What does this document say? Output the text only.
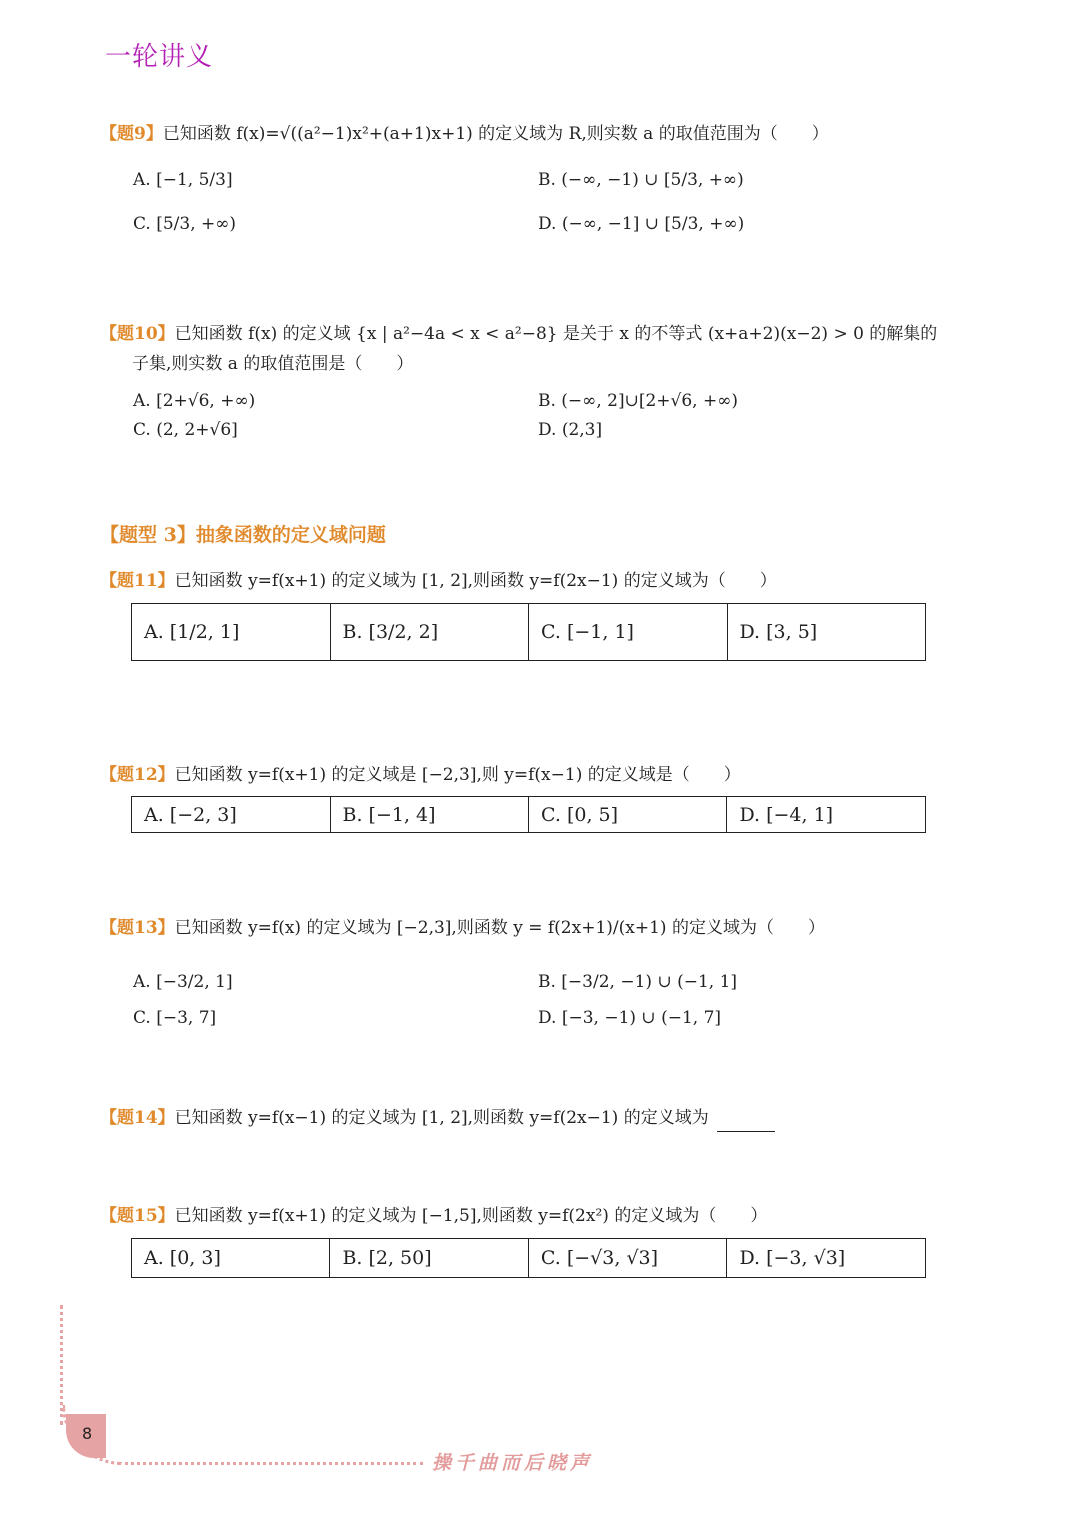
一轮讲义
【题9】已知函数 f(x)=√((a²−1)x²+(a+1)x+1) 的定义域为 R,则实数 a 的取值范围为（　　）
A. [−1, 5/3]	B. (−∞, −1) ∪ [5/3, +∞)
C. [5/3, +∞)	D. (−∞, −1] ∪ [5/3, +∞)
【题10】已知函数 f(x) 的定义域 {x | a²−4a < x < a²−8} 是关于 x 的不等式 (x+a+2)(x−2) > 0 的解集的
子集,则实数 a 的取值范围是（　　）
A. [2+√6, +∞)	B. (−∞, 2]∪[2+√6, +∞)
C. (2, 2+√6]	D. (2,3]
【题型 3】抽象函数的定义域问题
【题11】已知函数 y=f(x+1) 的定义域为 [1, 2],则函数 y=f(2x−1) 的定义域为（　　）
A. [1/2, 1]	B. [3/2, 2]	C. [−1, 1]	D. [3, 5]
【题12】已知函数 y=f(x+1) 的定义域是 [−2,3],则 y=f(x−1) 的定义域是（　　）
A. [−2, 3]	B. [−1, 4]	C. [0, 5]	D. [−4, 1]
【题13】已知函数 y=f(x) 的定义域为 [−2,3],则函数 y = f(2x+1)/(x+1) 的定义域为（　　）
A. [−3/2, 1]	B. [−3/2, −1) ∪ (−1, 1]
C. [−3, 7]	D. [−3, −1) ∪ (−1, 7]
【题14】已知函数 y=f(x−1) 的定义域为 [1, 2],则函数 y=f(2x−1) 的定义域为
【题15】已知函数 y=f(x+1) 的定义域为 [−1,5],则函数 y=f(2x²) 的定义域为（　　）
A. [0, 3]	B. [2, 50]	C. [−√3, √3]	D. [−3, √3]
8
操千曲而后晓声
